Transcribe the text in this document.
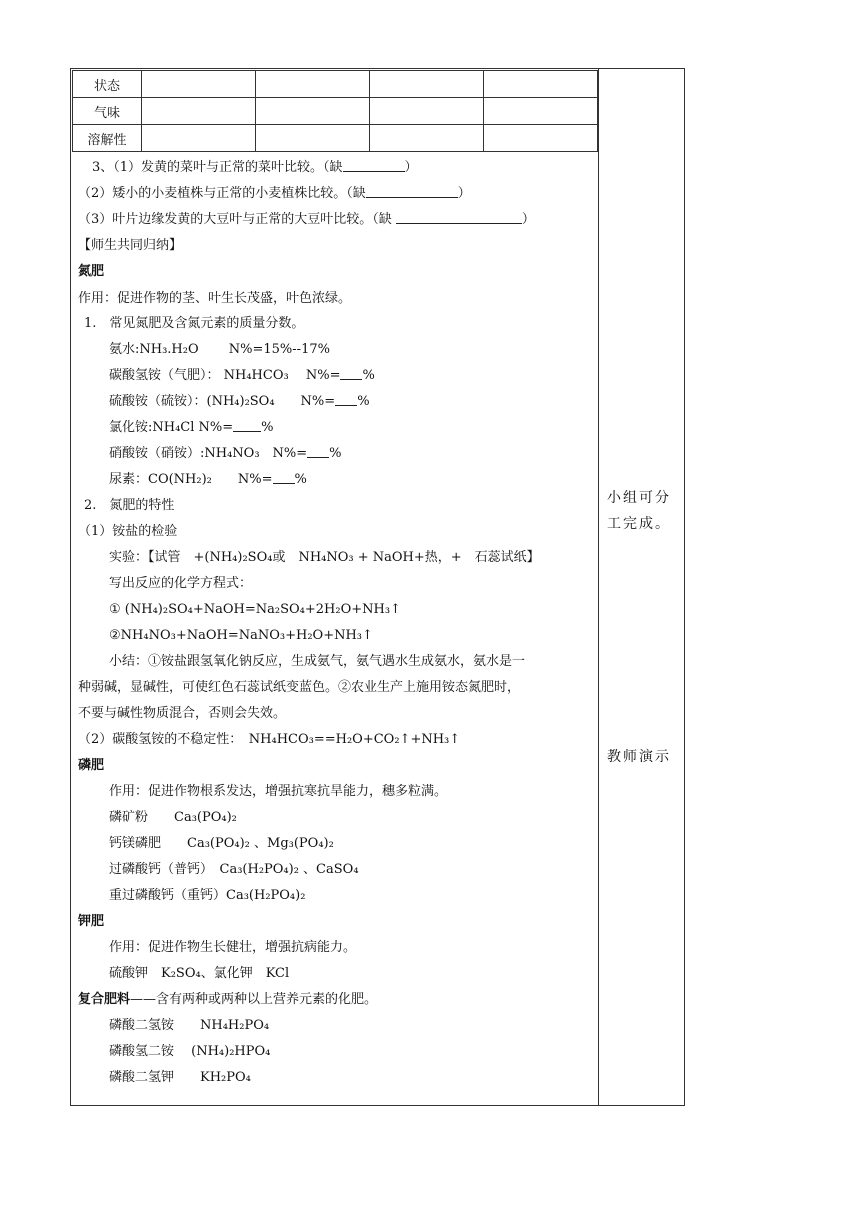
状态				
气味				
溶解性				
3、（1）发黄的菜叶与正常的菜叶比较。（缺	）
（2）矮小的小麦植株与正常的小麦植株比较。（缺	）
（3）叶片边缘发黄的大豆叶与正常的大豆叶比较。（缺	）
【师生共同归纳】
氮肥
作用：促进作物的茎、叶生长茂盛，叶色浓绿。
1.　常见氮肥及含氮元素的质量分数。
氨水:NH₃.H₂O　　 N%=15%--17%
碳酸氢铵（气肥）： NH₄HCO₃　 N%= %
硫酸铵（硫铵）：(NH₄)₂SO₄　　N%= %
氯化铵:NH₄Cl N%= %
硝酸铵（硝铵）:NH₄NO₃　N%= %
尿素：CO(NH₂)₂　　N%= %
2.　氮肥的特性
（1）铵盐的检验
实验：【试管　+(NH₄)₂SO₄或　NH₄NO₃ + NaOH+热，+　石蕊试纸】
写出反应的化学方程式：
① (NH₄)₂SO₄+NaOH=Na₂SO₄+2H₂O+NH₃↑
②NH₄NO₃+NaOH=NaNO₃+H₂O+NH₃↑
小结：①铵盐跟氢氧化钠反应，生成氨气，氨气遇水生成氨水，氨水是一
种弱碱，显碱性，可使红色石蕊试纸变蓝色。②农业生产上施用铵态氮肥时，
不要与碱性物质混合，否则会失效。
（2）碳酸氢铵的不稳定性：　NH₄HCO₃==H₂O+CO₂↑+NH₃↑
磷肥
作用：促进作物根系发达，增强抗寒抗旱能力，穗多粒满。
磷矿粉　　Ca₃(PO₄)₂
钙镁磷肥　　Ca₃(PO₄)₂ 、Mg₃(PO₄)₂
过磷酸钙（普钙）　Ca₃(H₂PO₄)₂ 、CaSO₄
重过磷酸钙（重钙）Ca₃(H₂PO₄)₂
钾肥
作用：促进作物生长健壮，增强抗病能力。
硫酸钾　K₂SO₄、氯化钾　KCl
复合肥料——含有两种或两种以上营养元素的化肥。
磷酸二氢铵　　NH₄H₂PO₄
磷酸氢二铵　 (NH₄)₂HPO₄
磷酸二氢钾　　KH₂PO₄
小组可分工完成。
教师演示
